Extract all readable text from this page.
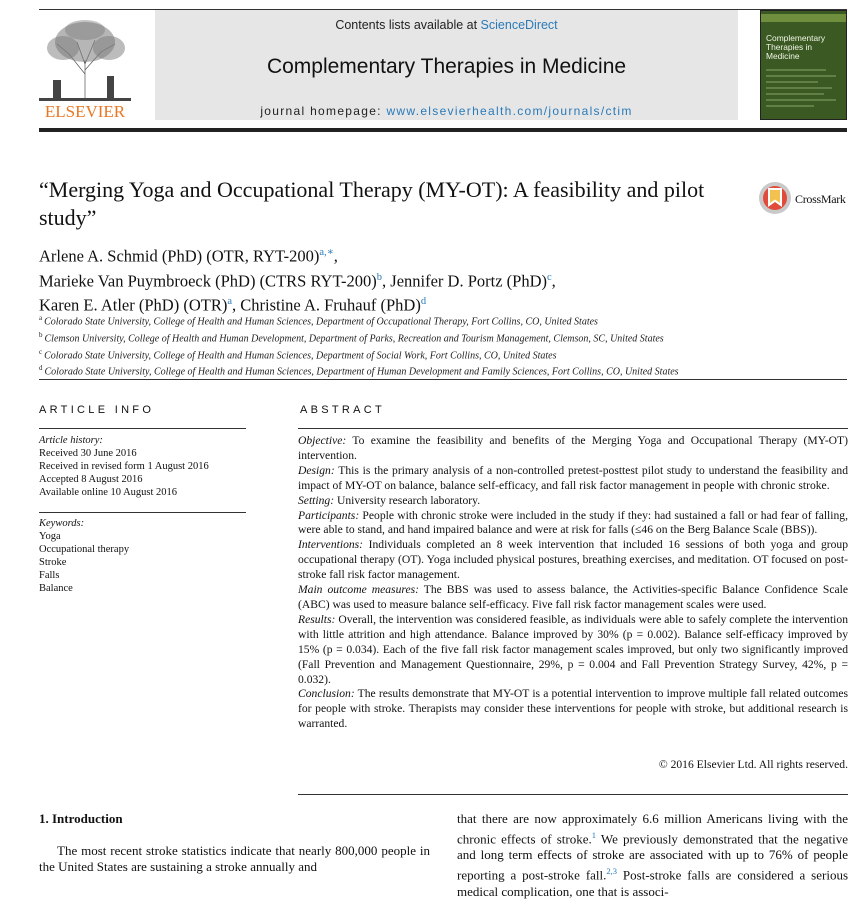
ELSEVIER
Contents lists available at ScienceDirect
Complementary Therapies in Medicine
journal homepage: www.elsevierhealth.com/journals/ctim
Complementary Therapies in Medicine
“Merging Yoga and Occupational Therapy (MY-OT): A feasibility and pilot study”
CrossMark
Arlene A. Schmid (PhD) (OTR, RYT-200)$^{a,∗}$,
Marieke Van Puymbroeck (PhD) (CTRS RYT-200)$^b$, Jennifer D. Portz (PhD)$^c$,
Karen E. Atler (PhD) (OTR)$^a$, Christine A. Fruhauf (PhD)$^d$
$^a$ Colorado State University, College of Health and Human Sciences, Department of Occupational Therapy, Fort Collins, CO, United States
$^b$ Clemson University, College of Health and Human Development, Department of Parks, Recreation and Tourism Management, Clemson, SC, United States
$^c$ Colorado State University, College of Health and Human Sciences, Department of Social Work, Fort Collins, CO, United States
$^d$ Colorado State University, College of Health and Human Sciences, Department of Human Development and Family Sciences, Fort Collins, CO, United States
ARTICLE INFO
Article history:
Received 30 June 2016
Received in revised form 1 August 2016
Accepted 8 August 2016
Available online 10 August 2016
Keywords:
Yoga
Occupational therapy
Stroke
Falls
Balance
ABSTRACT

Objective: To examine the feasibility and benefits of the Merging Yoga and Occupational Therapy (MY-OT) intervention.

Design: This is the primary analysis of a non-controlled pretest-posttest pilot study to understand the feasibility and impact of MY-OT on balance, balance self-efficacy, and fall risk factor management in people with chronic stroke.

Setting: University research laboratory.

Participants: People with chronic stroke were included in the study if they: had sustained a fall or had fear of falling, were able to stand, and hand impaired balance and were at risk for falls (≤46 on the Berg Balance Scale (BBS)).

Interventions: Individuals completed an 8 week intervention that included 16 sessions of both yoga and group occupational therapy (OT). Yoga included physical postures, breathing exercises, and meditation. OT focused on post-stroke fall risk factor management.

Main outcome measures: The BBS was used to assess balance, the Activities-specific Balance Confidence Scale (ABC) was used to measure balance self-efficacy. Five fall risk factor management scales were used.

Results: Overall, the intervention was considered feasible, as individuals were able to safely complete the intervention with little attrition and high attendance. Balance improved by 30% (p = 0.002). Balance self-efficacy improved by 15% (p = 0.034). Each of the five fall risk factor management scales improved, but only two significantly improved (Fall Prevention and Management Questionnaire, 29%, p = 0.004 and Fall Prevention Strategy Survey, 42%, p = 0.032).

Conclusion: The results demonstrate that MY-OT is a potential intervention to improve multiple fall related outcomes for people with stroke. Therapists may consider these interventions for people with stroke, but additional research is warranted.

© 2016 Elsevier Ltd. All rights reserved.
1. Introduction
The most recent stroke statistics indicate that nearly 800,000 people in the United States are sustaining a stroke annually and
that there are now approximately 6.6 million Americans living with the chronic effects of stroke.$^1$ We previously demonstrated that the negative and long term effects of stroke are associated with up to 76% of people reporting a post-stroke fall.$^{2,3}$ Post-stroke falls are considered a serious medical complication, one that is associ-
